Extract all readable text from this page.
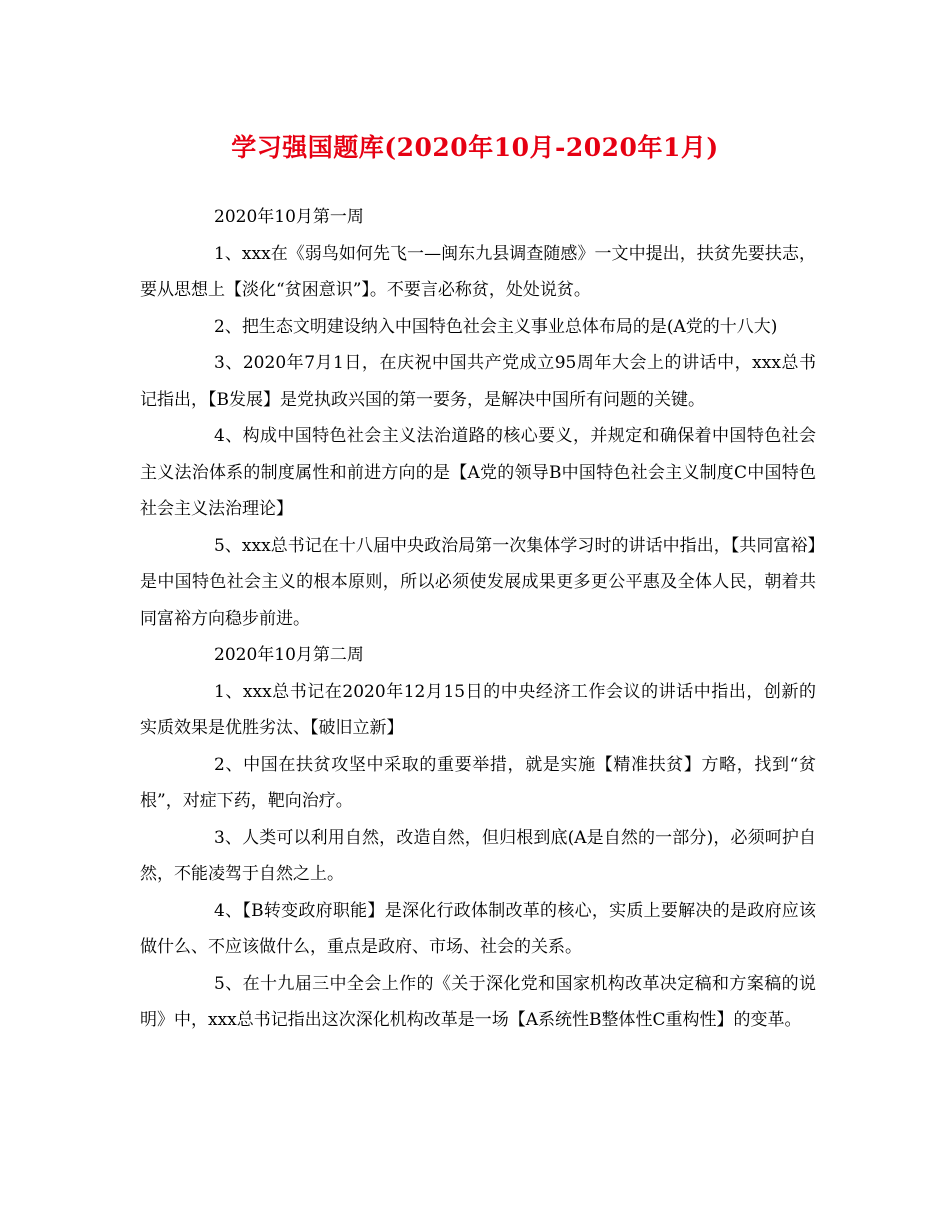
学习强国题库(2020年10月-2020年1月)

2020年10月第一周

1、xxx在《弱鸟如何先飞一—闽东九县调查随感》一文中提出，扶贫先要扶志，要从思想上【淡化“贫困意识”】。不要言必称贫，处处说贫。

2、把生态文明建设纳入中国特色社会主义事业总体布局的是(A党的十八大)

3、2020年7月1日，在庆祝中国共产党成立95周年大会上的讲话中，xxx总书记指出，【B发展】是党执政兴国的第一要务，是解决中国所有问题的关键。

4、构成中国特色社会主义法治道路的核心要义，并规定和确保着中国特色社会主义法治体系的制度属性和前进方向的是【A党的领导B中国特色社会主义制度C中国特色社会主义法治理论】

5、xxx总书记在十八届中央政治局第一次集体学习时的讲话中指出，【共同富裕】是中国特色社会主义的根本原则，所以必须使发展成果更多更公平惠及全体人民，朝着共同富裕方向稳步前进。

2020年10月第二周

1、xxx总书记在2020年12月15日的中央经济工作会议的讲话中指出，创新的实质效果是优胜劣汰、【破旧立新】

2、中国在扶贫攻坚中采取的重要举措，就是实施【精准扶贫】方略，找到“贫根”，对症下药，靶向治疗。

3、人类可以利用自然，改造自然，但归根到底(A是自然的一部分)，必须呵护自然，不能凌驾于自然之上。

4、【B转变政府职能】是深化行政体制改革的核心，实质上要解决的是政府应该做什么、不应该做什么，重点是政府、市场、社会的关系。

5、在十九届三中全会上作的《关于深化党和国家机构改革决定稿和方案稿的说明》中，xxx总书记指出这次深化机构改革是一场【A系统性B整体性C重构性】的变革。
